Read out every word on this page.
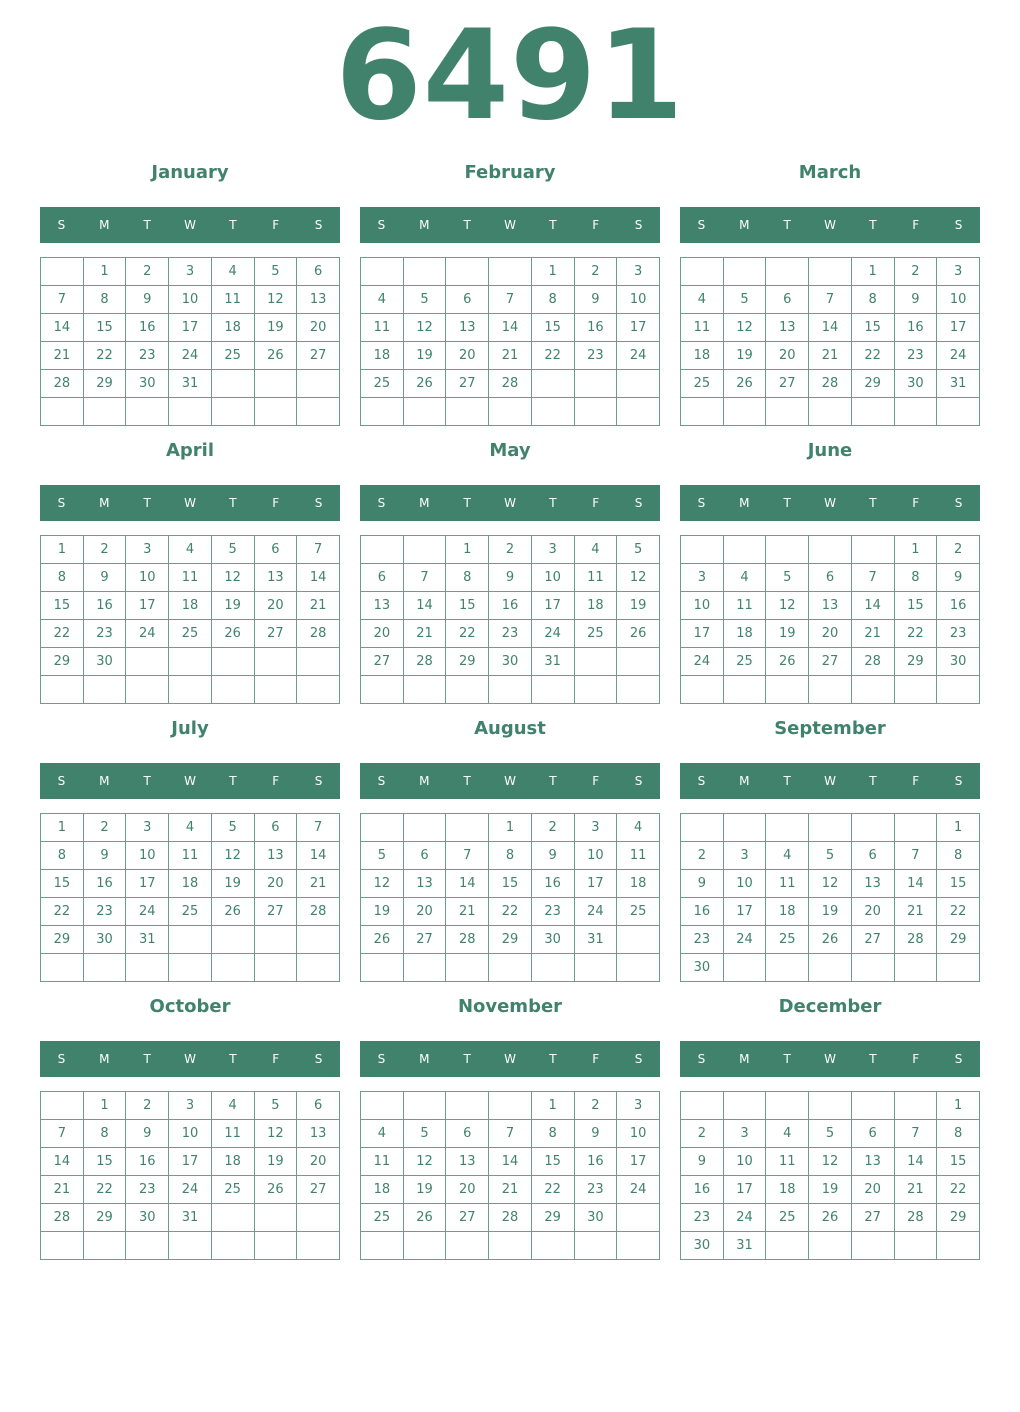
6491
January
S	M	T	W	T	F	S
	1	2	3	4	5	6
7	8	9	10	11	12	13
14	15	16	17	18	19	20
21	22	23	24	25	26	27
28	29	30	31			

February
S	M	T	W	T	F	S
				1	2	3
4	5	6	7	8	9	10
11	12	13	14	15	16	17
18	19	20	21	22	23	24
25	26	27	28			

March
S	M	T	W	T	F	S
				1	2	3
4	5	6	7	8	9	10
11	12	13	14	15	16	17
18	19	20	21	22	23	24
25	26	27	28	29	30	31

April
S	M	T	W	T	F	S
1	2	3	4	5	6	7
8	9	10	11	12	13	14
15	16	17	18	19	20	21
22	23	24	25	26	27	28
29	30					

May
S	M	T	W	T	F	S
		1	2	3	4	5
6	7	8	9	10	11	12
13	14	15	16	17	18	19
20	21	22	23	24	25	26
27	28	29	30	31		

June
S	M	T	W	T	F	S
					1	2
3	4	5	6	7	8	9
10	11	12	13	14	15	16
17	18	19	20	21	22	23
24	25	26	27	28	29	30

July
S	M	T	W	T	F	S
1	2	3	4	5	6	7
8	9	10	11	12	13	14
15	16	17	18	19	20	21
22	23	24	25	26	27	28
29	30	31				

August
S	M	T	W	T	F	S
			1	2	3	4
5	6	7	8	9	10	11
12	13	14	15	16	17	18
19	20	21	22	23	24	25
26	27	28	29	30	31	

September
S	M	T	W	T	F	S
						1
2	3	4	5	6	7	8
9	10	11	12	13	14	15
16	17	18	19	20	21	22
23	24	25	26	27	28	29
30						
October
S	M	T	W	T	F	S
	1	2	3	4	5	6
7	8	9	10	11	12	13
14	15	16	17	18	19	20
21	22	23	24	25	26	27
28	29	30	31			

November
S	M	T	W	T	F	S
				1	2	3
4	5	6	7	8	9	10
11	12	13	14	15	16	17
18	19	20	21	22	23	24
25	26	27	28	29	30	

December
S	M	T	W	T	F	S
						1
2	3	4	5	6	7	8
9	10	11	12	13	14	15
16	17	18	19	20	21	22
23	24	25	26	27	28	29
30	31					
